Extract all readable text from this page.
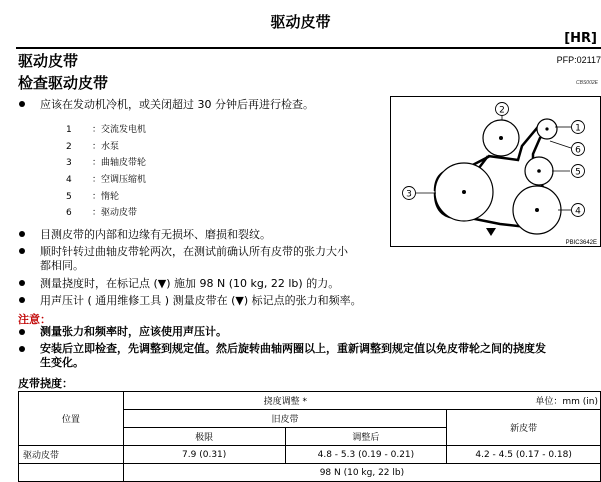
驱动皮带
[HR]
驱动皮带	PFP:02117
检查驱动皮带	CBS002E
应该在发动机冷机，或关闭超过 30 分钟后再进行检查。
1 ：交流发电机
2 ：水泵
3 ：曲轴皮带轮
4 ：空调压缩机
5 ：惰轮
6 ：驱动皮带
目测皮带的内部和边缘有无损坏、磨损和裂纹。
顺时针转过曲轴皮带轮两次，在测试前确认所有皮带的张力大小
都相同。
测量挠度时，在标记点 (▼) 施加 98 N (10 kg, 22 lb) 的力。
用声压计 ( 通用维修工具 ) 测量皮带在 (▼) 标记点的张力和频率。
注意：
测量张力和频率时，应该使用声压计。
安装后立即检查，先调整到规定值。然后旋转曲轴两圈以上，重新调整到规定值以免皮带轮之间的挠度发
生变化。
1
2
3
4
5
6
PBIC3642E
皮带挠度：
位置	挠度调整 *		单位：mm (in)
	旧皮带		新皮带
	极限	调整后	
驱动皮带	7.9 (0.31)	4.8 - 5.3 (0.19 - 0.21)	4.2 - 4.5 (0.17 - 0.18)
	98 N (10 kg, 22 lb)		
